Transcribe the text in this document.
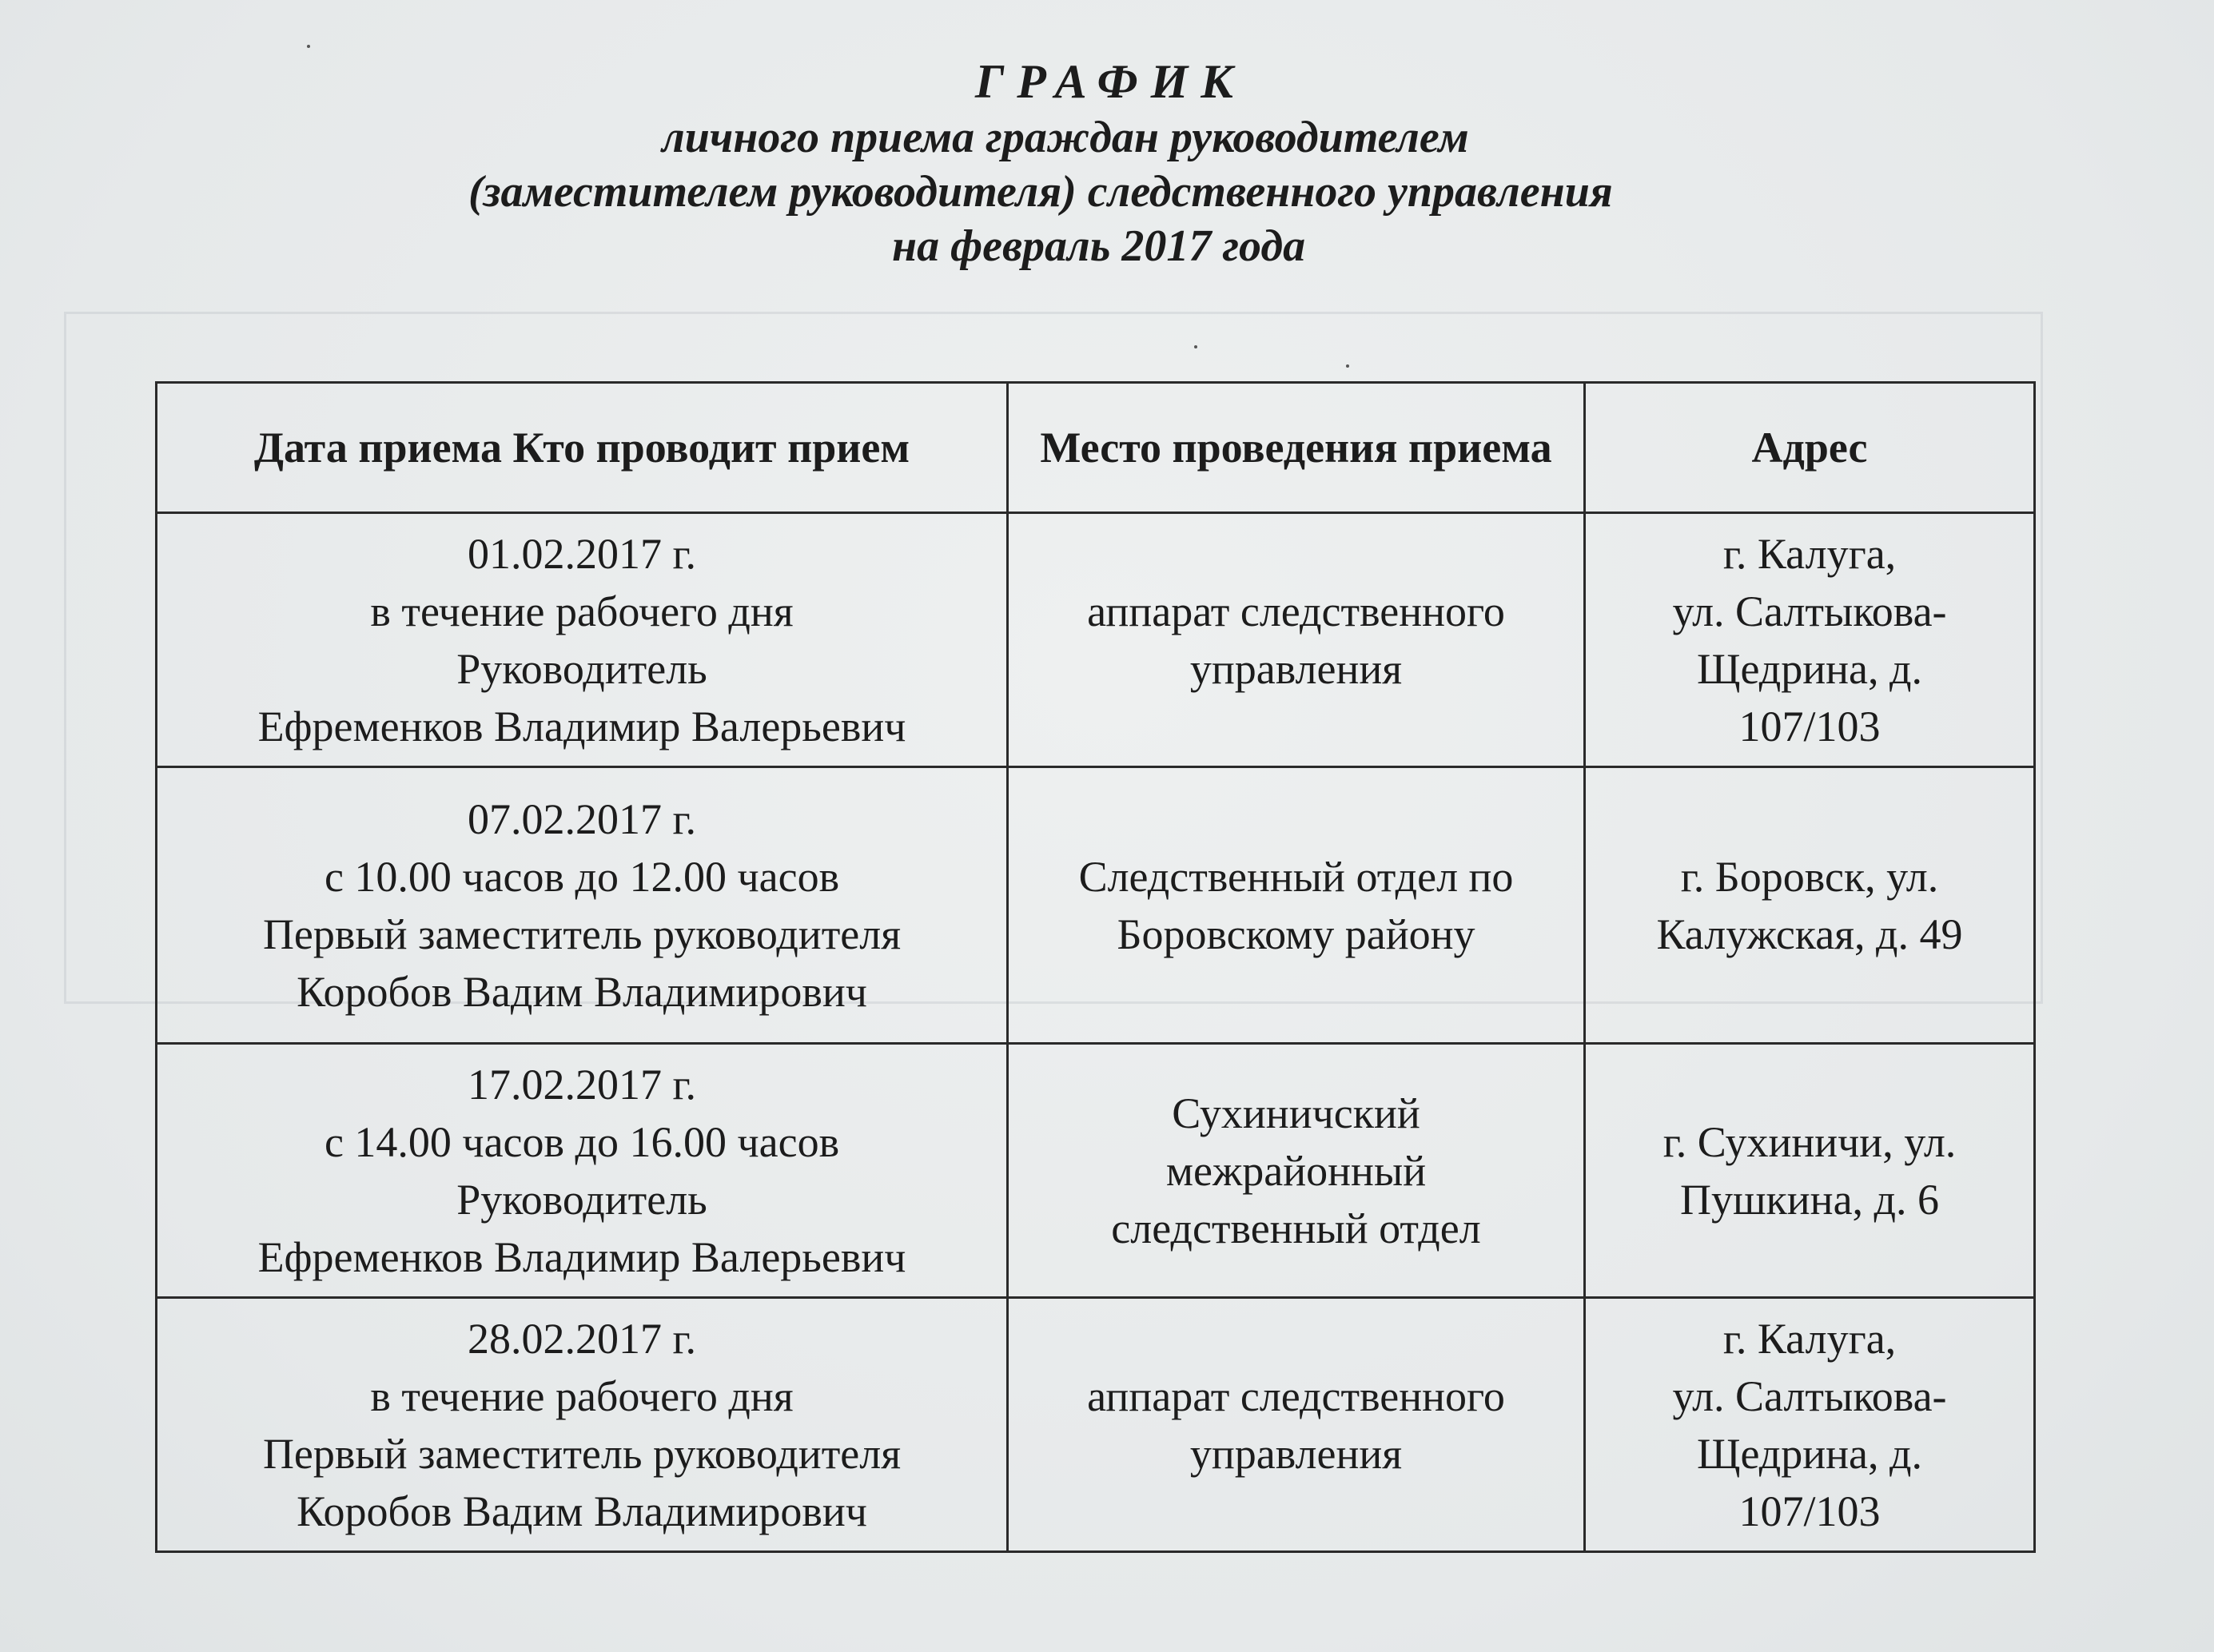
ГРАФИК
личного приема граждан руководителем
(заместителем руководителя) следственного управления
на февраль 2017 года
Дата приема Кто проводит прием	Место проведения приема	Адрес

01.02.2017 г.
в течение рабочего дня
Руководитель
Ефременков Владимир Валерьевич	аппарат следственного
управления	г. Калуга,
ул. Салтыкова-
Щедрина, д.
107/103

07.02.2017 г.
с 10.00 часов до 12.00 часов
Первый заместитель руководителя
Коробов Вадим Владимирович	Следственный отдел по
Боровскому району	г. Боровск, ул.
Калужская, д. 49

17.02.2017 г.
с 14.00 часов до 16.00 часов
Руководитель
Ефременков Владимир Валерьевич	Сухиничский
межрайонный
следственный отдел	г. Сухиничи, ул.
Пушкина, д. 6

28.02.2017 г.
в течение рабочего дня
Первый заместитель руководителя
Коробов Вадим Владимирович	аппарат следственного
управления	г. Калуга,
ул. Салтыкова-
Щедрина, д.
107/103
